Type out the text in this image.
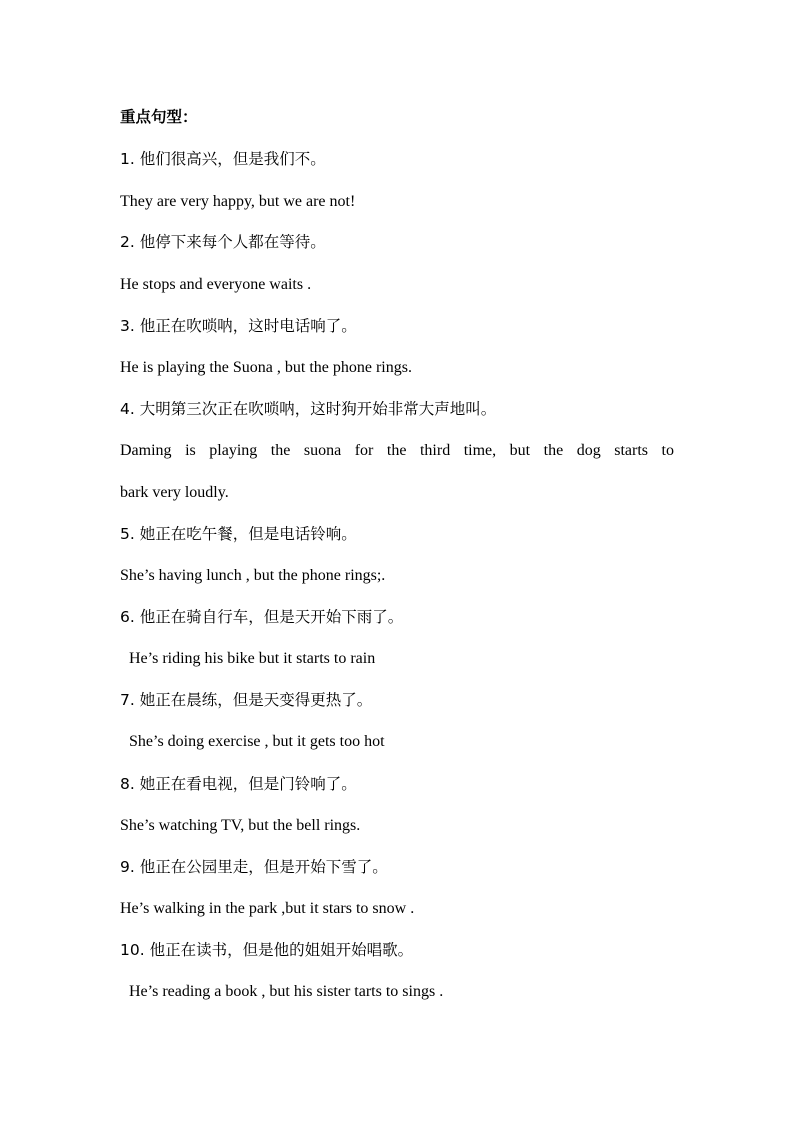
重点句型：
1. 他们很高兴，但是我们不。
They are very happy, but we are not!
2. 他停下来每个人都在等待。
He stops and everyone waits .
3. 他正在吹唢呐，这时电话响了。
He is playing the Suona , but the phone rings.
4. 大明第三次正在吹唢呐，这时狗开始非常大声地叫。
Daming is playing the suona for the third time, but the dog starts to
bark very loudly.
5. 她正在吃午餐，但是电话铃响。
She’s having lunch , but the phone rings;.
6. 他正在骑自行车，但是天开始下雨了。
He’s riding his bike but it starts to rain
7. 她正在晨练，但是天变得更热了。
She’s doing exercise , but it gets too hot
8. 她正在看电视，但是门铃响了。
She’s watching TV, but the bell rings.
9. 他正在公园里走，但是开始下雪了。
He’s walking in the park ,but it stars to snow .
10. 他正在读书，但是他的姐姐开始唱歌。
He’s reading a book , but his sister tarts to sings .
